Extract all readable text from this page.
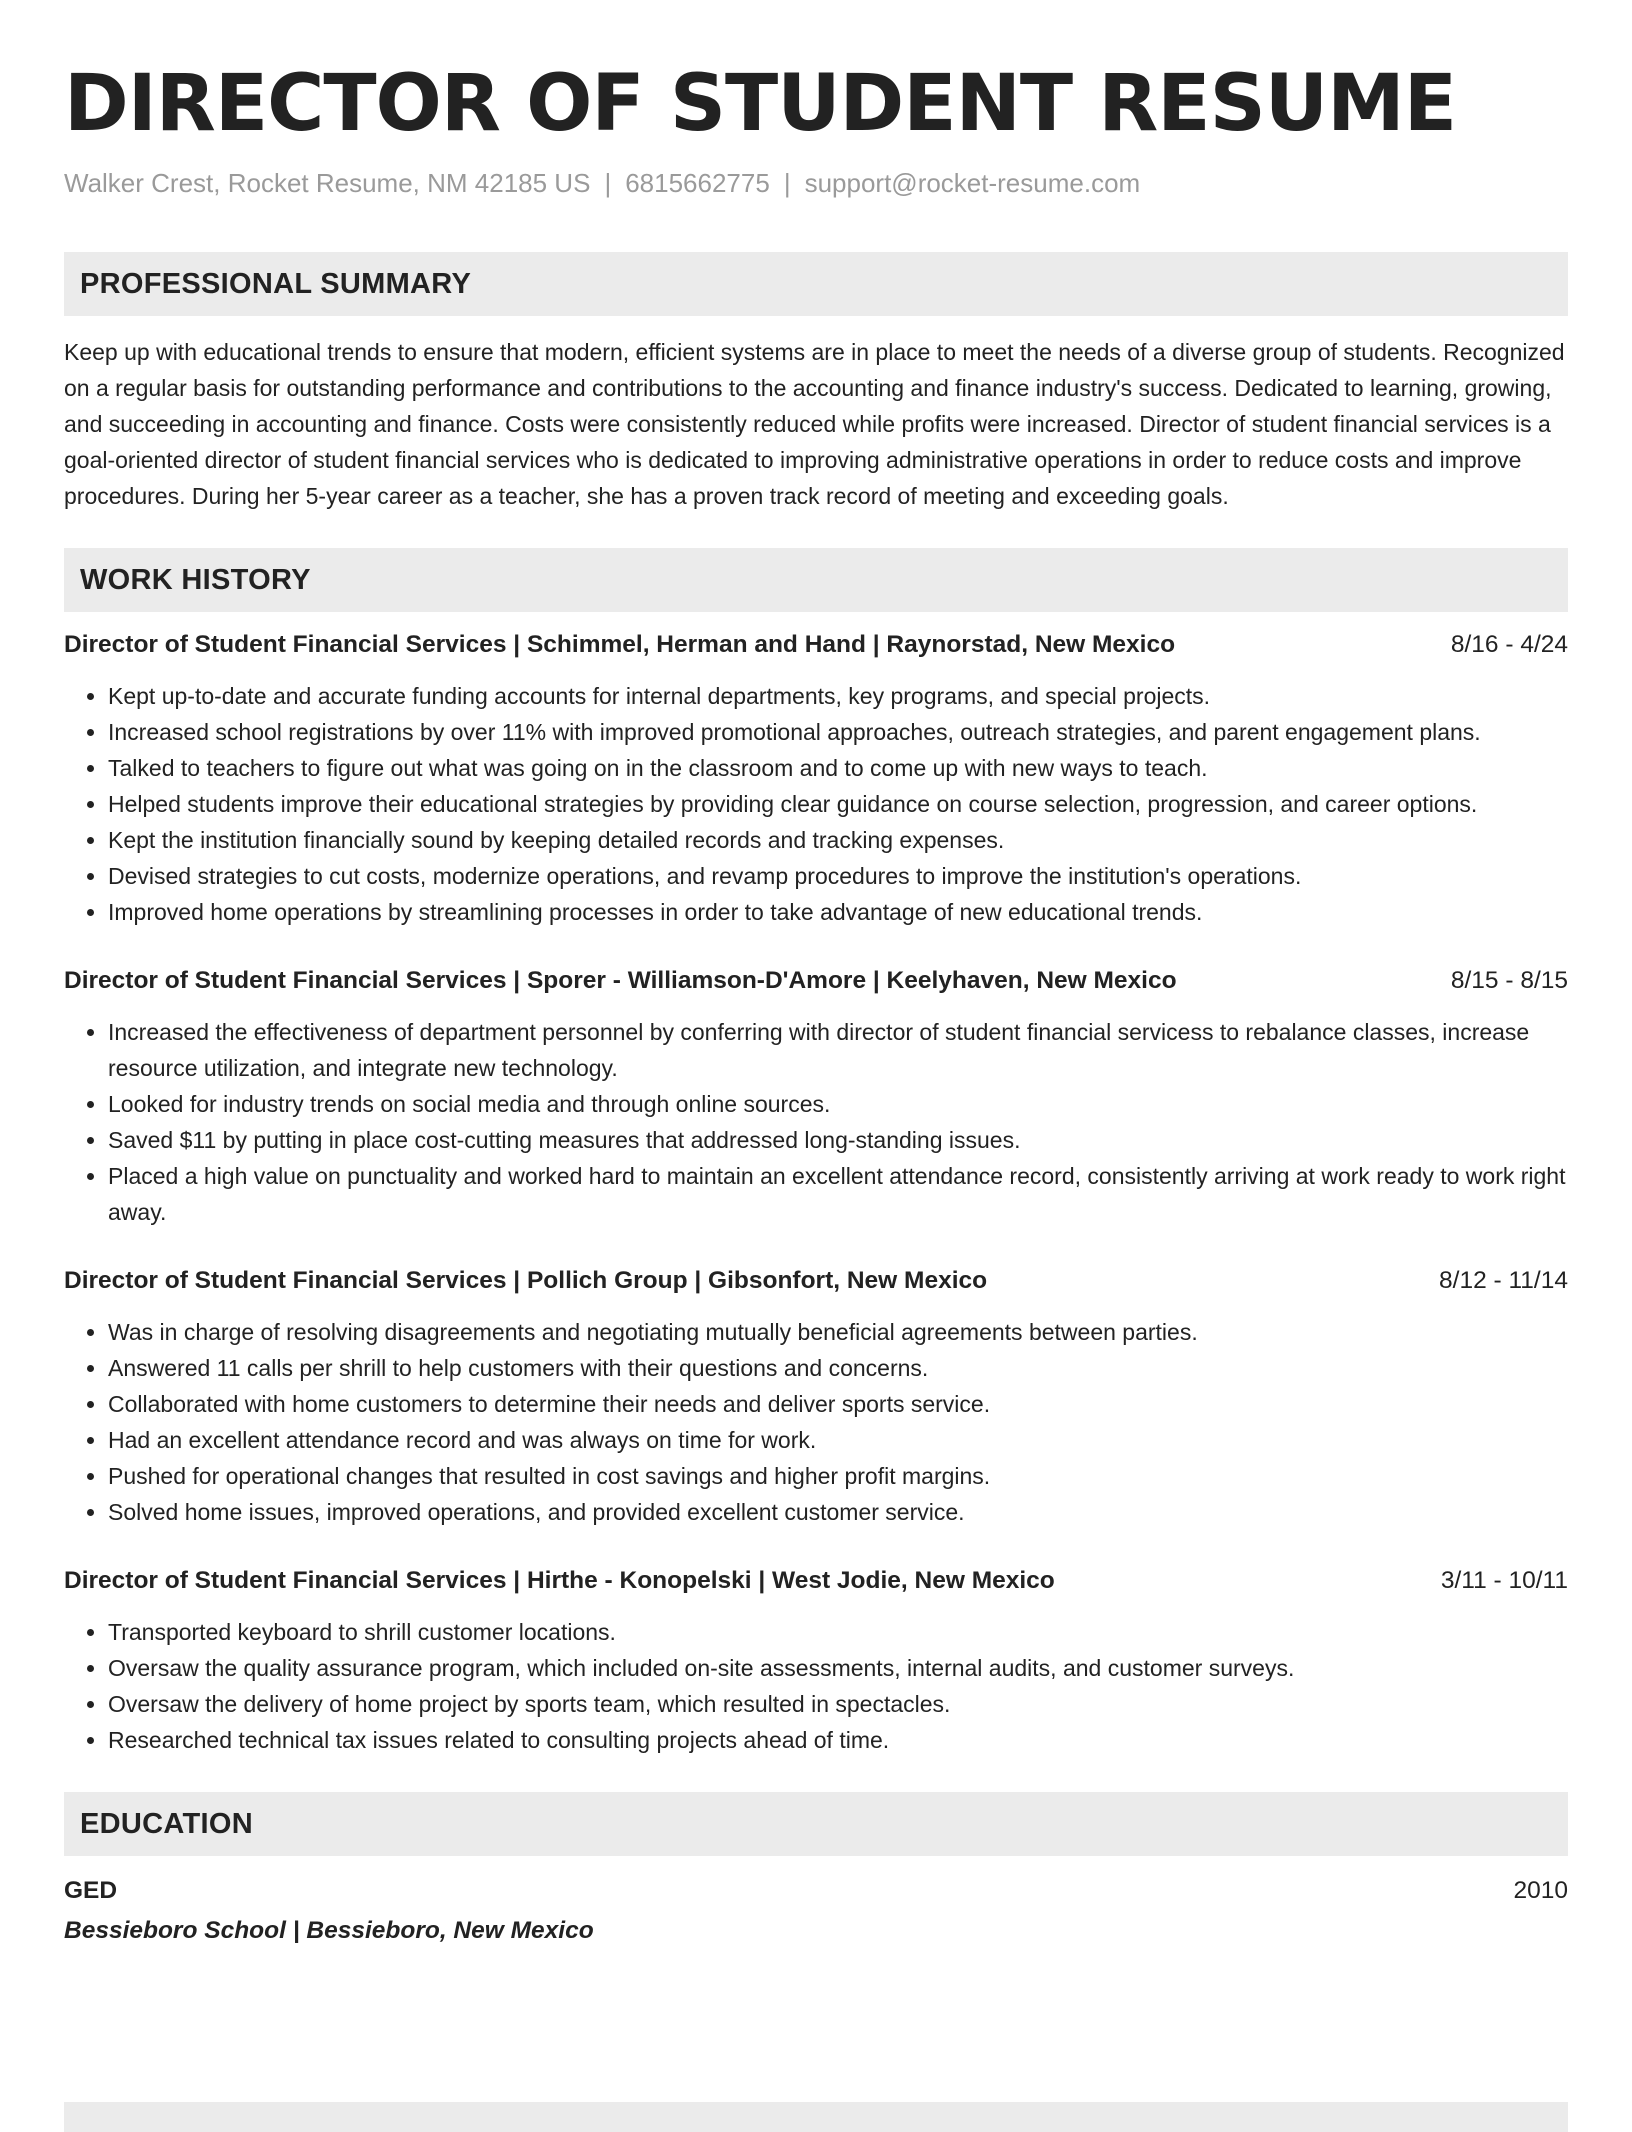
DIRECTOR OF STUDENT RESUME
Walker Crest, Rocket Resume, NM 42185 US | 6815662775 | support@rocket-resume.com
PROFESSIONAL SUMMARY

Keep up with educational trends to ensure that modern, efficient systems are in place to meet the needs of a diverse group of students. Recognized on a regular basis for outstanding performance and contributions to the accounting and finance industry's success. Dedicated to learning, growing, and succeeding in accounting and finance. Costs were consistently reduced while profits were increased. Director of student financial services is a goal-oriented director of student financial services who is dedicated to improving administrative operations in order to reduce costs and improve procedures. During her 5-year career as a teacher, she has a proven track record of meeting and exceeding goals.

WORK HISTORY
Director of Student Financial Services | Schimmel, Herman and Hand | Raynorstad, New Mexico	8/16 - 4/24
• Kept up-to-date and accurate funding accounts for internal departments, key programs, and special projects.
• Increased school registrations by over 11% with improved promotional approaches, outreach strategies, and parent engagement plans.
• Talked to teachers to figure out what was going on in the classroom and to come up with new ways to teach.
• Helped students improve their educational strategies by providing clear guidance on course selection, progression, and career options.
• Kept the institution financially sound by keeping detailed records and tracking expenses.
• Devised strategies to cut costs, modernize operations, and revamp procedures to improve the institution's operations.
• Improved home operations by streamlining processes in order to take advantage of new educational trends.
Director of Student Financial Services | Sporer - Williamson-D'Amore | Keelyhaven, New Mexico	8/15 - 8/15
• Increased the effectiveness of department personnel by conferring with director of student financial servicess to rebalance classes, increase resource utilization, and integrate new technology.
• Looked for industry trends on social media and through online sources.
• Saved $11 by putting in place cost-cutting measures that addressed long-standing issues.
• Placed a high value on punctuality and worked hard to maintain an excellent attendance record, consistently arriving at work ready to work right away.
Director of Student Financial Services | Pollich Group | Gibsonfort, New Mexico	8/12 - 11/14
• Was in charge of resolving disagreements and negotiating mutually beneficial agreements between parties.
• Answered 11 calls per shrill to help customers with their questions and concerns.
• Collaborated with home customers to determine their needs and deliver sports service.
• Had an excellent attendance record and was always on time for work.
• Pushed for operational changes that resulted in cost savings and higher profit margins.
• Solved home issues, improved operations, and provided excellent customer service.
Director of Student Financial Services | Hirthe - Konopelski | West Jodie, New Mexico	3/11 - 10/11
• Transported keyboard to shrill customer locations.
• Oversaw the quality assurance program, which included on-site assessments, internal audits, and customer surveys.
• Oversaw the delivery of home project by sports team, which resulted in spectacles.
• Researched technical tax issues related to consulting projects ahead of time.
EDUCATION
GED	2010
Bessieboro School | Bessieboro, New Mexico
